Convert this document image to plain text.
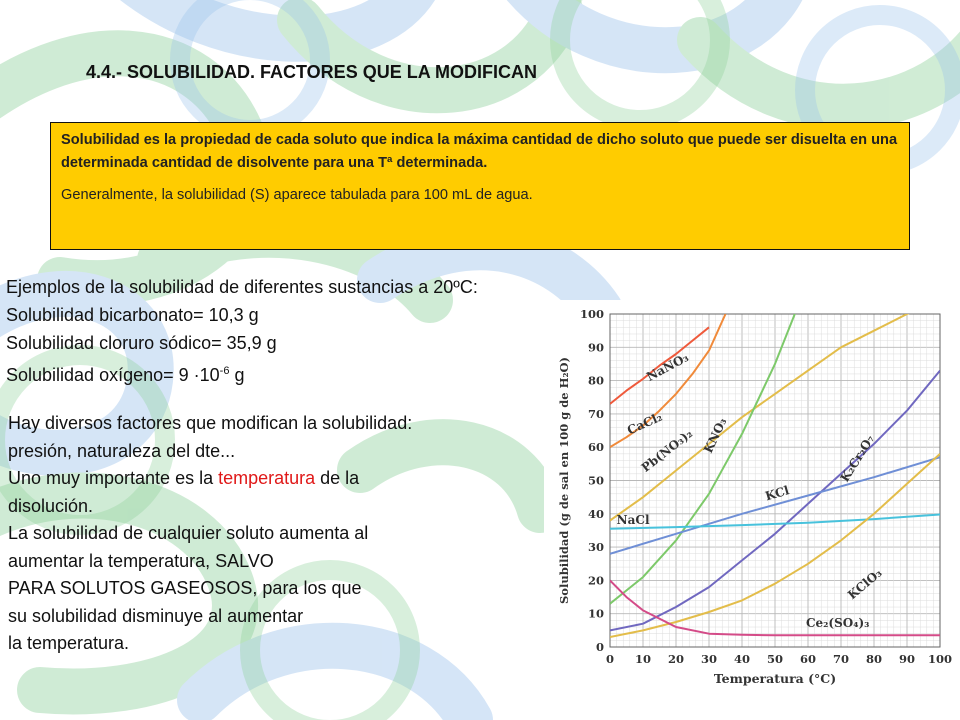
4.4.- SOLUBILIDAD. FACTORES QUE LA MODIFICAN

Solubilidad es la propiedad de cada soluto que indica la máxima cantidad de dicho soluto que puede ser disuelta en una determinada cantidad de disolvente para una Tª determinada.

Generalmente, la solubilidad (S) aparece tabulada para 100 mL de agua.

Ejemplos de la solubilidad de diferentes sustancias a 20ºC:
Solubilidad bicarbonato= 10,3 g
Solubilidad cloruro sódico= 35,9 g
Solubilidad oxígeno= $9 \cdot 10^{-6}$ g
Hay diversos factores que modifican la solubilidad:
presión, naturaleza del dte...
Uno muy importante es la temperatura de la
disolución.
La solubilidad de cualquier soluto aumenta al
aumentar la temperatura, SALVO
PARA SOLUTOS GASEOSOS, para los que
su solubilidad disminuye al aumentar
la temperatura.
0 10 20 30 40 50 60 70 80 90 100
0
10
20
30
40
50
60
70
80
90
100
Temperatura (°C)
Solubilidad (g de sal en 100 g de H₂O)	NaNO₃
CaCl₂
Pb(NO₃)₂ KNO₃	K₂Cr₂O₇
KCl
NaCl
KClO₃
Ce₂(SO₄)₃
